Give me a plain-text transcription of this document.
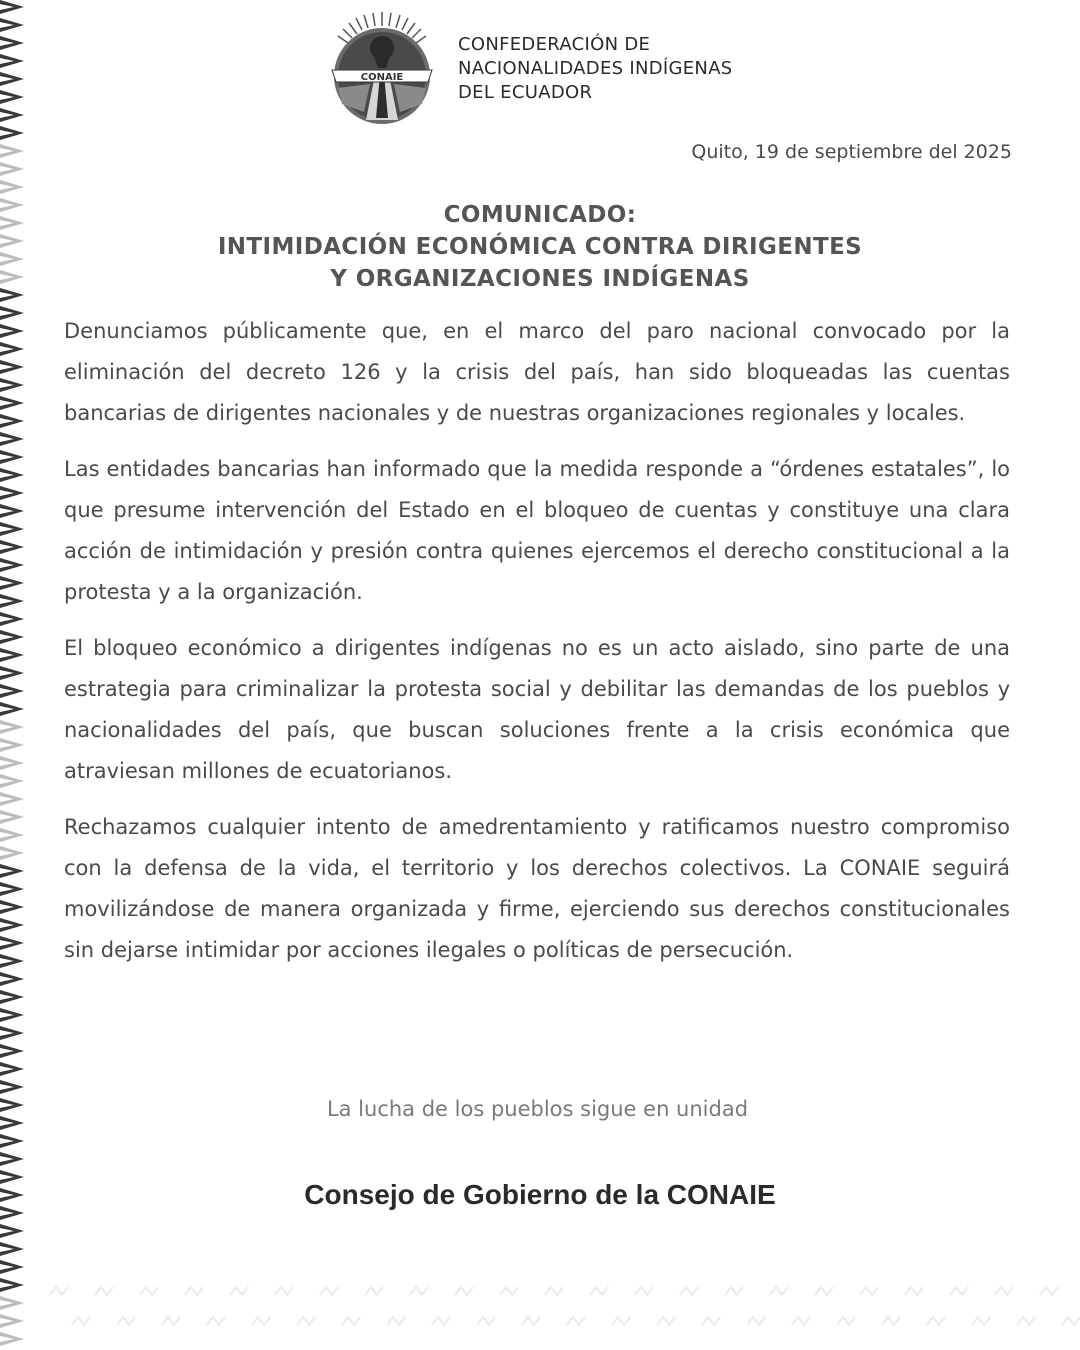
CONAIE
CONFEDERACIÓN DE
NACIONALIDADES INDÍGENAS
DEL ECUADOR
Quito, 19 de septiembre del 2025
COMUNICADO:
INTIMIDACIÓN ECONÓMICA CONTRA DIRIGENTES
Y ORGANIZACIONES INDÍGENAS

Denunciamos públicamente que, en el marco del paro nacional convocado por la eliminación del decreto 126 y la crisis del país, han sido bloqueadas las cuentas bancarias de dirigentes nacionales y de nuestras organizaciones regionales y locales.

Las entidades bancarias han informado que la medida responde a “órdenes estatales”, lo que presume intervención del Estado en el bloqueo de cuentas y constituye una clara acción de intimidación y presión contra quienes ejercemos el derecho constitucional a la protesta y a la organización.

El bloqueo económico a dirigentes indígenas no es un acto aislado, sino parte de una estrategia para criminalizar la protesta social y debilitar las demandas de los pueblos y nacionalidades del país, que buscan soluciones frente a la crisis económica que atraviesan millones de ecuatorianos.

Rechazamos cualquier intento de amedrentamiento y ratificamos nuestro compromiso con la defensa de la vida, el territorio y los derechos colectivos. La CONAIE seguirá movilizándose de manera organizada y firme, ejerciendo sus derechos constitucionales sin dejarse intimidar por acciones ilegales o políticas de persecución.

La lucha de los pueblos sigue en unidad
Consejo de Gobierno de la CONAIE
